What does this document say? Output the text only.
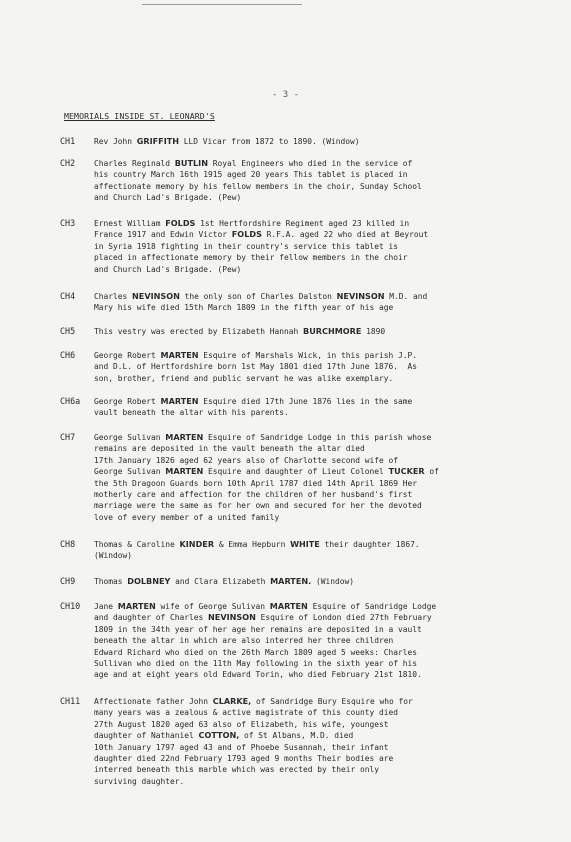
- 3 -
MEMORIALS INSIDE ST. LEONARD'S
CH1 Rev John GRIFFITH LLD Vicar from 1872 to 1890. (Window)
CH2 Charles Reginald BUTLIN Royal Engineers who died in the service of
his country March 16th 1915 aged 20 years This tablet is placed in
affectionate memory by his fellow members in the choir, Sunday School
and Church Lad's Brigade. (Pew)
CH3 Ernest William FOLDS 1st Hertfordshire Regiment aged 23 killed in
France 1917 and Edwin Victor FOLDS R.F.A. aged 22 who died at Beyrout
in Syria 1918 fighting in their country's service this tablet is
placed in affectionate memory by their fellow members in the choir
and Church Lad's Brigade. (Pew)
CH4 Charles NEVINSON the only son of Charles Dalston NEVINSON M.D. and
Mary his wife died 15th March 1809 in the fifth year of his age
CH5 This vestry was erected by Elizabeth Hannah BURCHMORE 1890
CH6 George Robert MARTEN Esquire of Marshals Wick, in this parish J.P.
and D.L. of Hertfordshire born 1st May 1801 died 17th June 1876.  As
son, brother, friend and public servant he was alike exemplary.
CH6a George Robert MARTEN Esquire died 17th June 1876 lies in the same
vault beneath the altar with his parents.
CH7 George Sulivan MARTEN Esquire of Sandridge Lodge in this parish whose
remains are deposited in the vault beneath the altar died
17th January 1826 aged 62 years also of Charlotte second wife of
George Sulivan MARTEN Esquire and daughter of Lieut Colonel TUCKER of
the 5th Dragoon Guards born 10th April 1787 died 14th April 1869 Her
motherly care and affection for the children of her husband's first
marriage were the same as for her own and secured for her the devoted
love of every member of a united family
CH8 Thomas & Caroline KINDER & Emma Hepburn WHITE their daughter 1867.
(Window)
CH9 Thomas DOLBNEY and Clara Elizabeth MARTEN. (Window)
CH10 Jane MARTEN wife of George Sulivan MARTEN Esquire of Sandridge Lodge
and daughter of Charles NEVINSON Esquire of London died 27th February
1809 in the 34th year of her age her remains are deposited in a vault
beneath the altar in which are also interred her three children
Edward Richard who died on the 26th March 1809 aged 5 weeks: Charles
Sullivan who died on the 11th May following in the sixth year of his
age and at eight years old Edward Torin, who died February 21st 1810.
CH11 Affectionate father John CLARKE, of Sandridge Bury Esquire who for
many years was a zealous & active magistrate of this county died
27th August 1820 aged 63 also of Elizabeth, his wife, youngest
daughter of Nathaniel COTTON, of St Albans, M.D. died
10th January 1797 aged 43 and of Phoebe Susannah, their infant
daughter died 22nd February 1793 aged 9 months Their bodies are
interred beneath this marble which was erected by their only
surviving daughter.
